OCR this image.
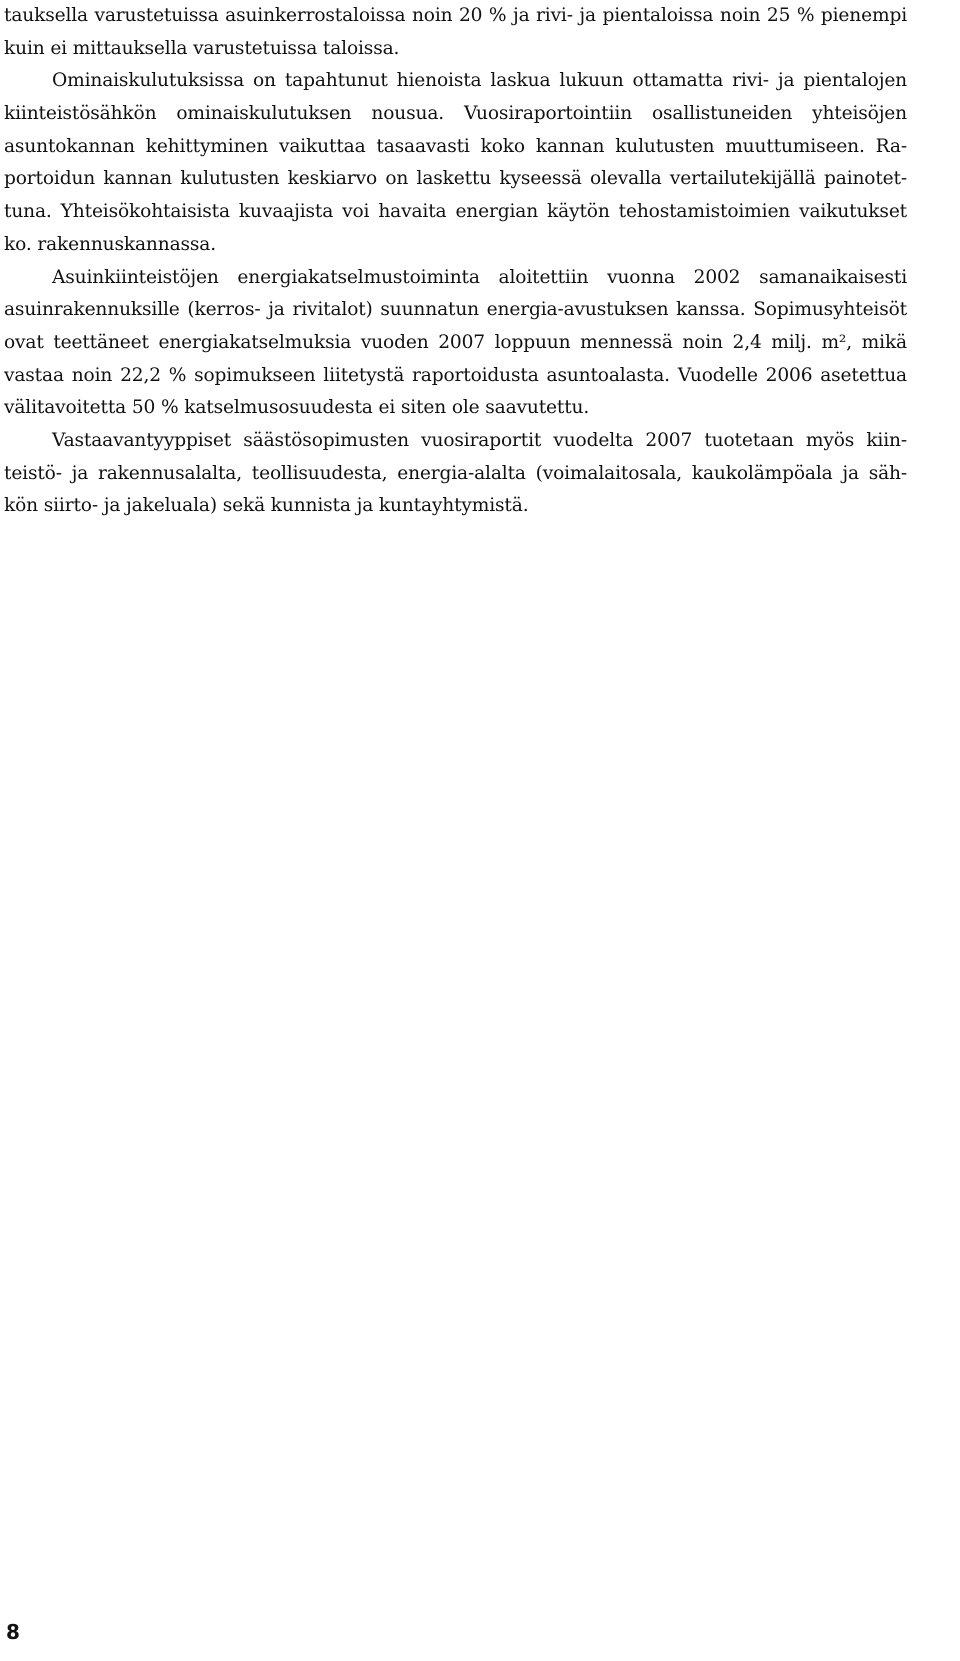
tauksella varustetuissa asuinkerrostaloissa noin 20 % ja rivi- ja pientaloissa noin 25 % pienempi
kuin ei mittauksella varustetuissa taloissa.
Ominaiskulutuksissa on tapahtunut hienoista laskua lukuun ottamatta rivi- ja pientalojen
kiinteistösähkön ominaiskulutuksen nousua. Vuosiraportointiin osallistuneiden yhteisöjen
asuntokannan kehittyminen vaikuttaa tasaavasti koko kannan kulutusten muuttumiseen. Ra-
portoidun kannan kulutusten keskiarvo on laskettu kyseessä olevalla vertailutekijällä painotet-
tuna. Yhteisökohtaisista kuvaajista voi havaita energian käytön tehostamistoimien vaikutukset
ko. rakennuskannassa.
Asuinkiinteistöjen energiakatselmustoiminta aloitettiin vuonna 2002 samanaikaisesti
asuinrakennuksille (kerros- ja rivitalot) suunnatun energia-avustuksen kanssa. Sopimusyhteisöt
ovat teettäneet energiakatselmuksia vuoden 2007 loppuun mennessä noin 2,4 milj. m², mikä
vastaa noin 22,2 % sopimukseen liitetystä raportoidusta asuntoalasta. Vuodelle 2006 asetettua
välitavoitetta 50 % katselmusosuudesta ei siten ole saavutettu.
Vastaavantyyppiset säästösopimusten vuosiraportit vuodelta 2007 tuotetaan myös kiin-
teistö- ja rakennusalalta, teollisuudesta, energia-alalta (voimalaitosala, kaukolämpöala ja säh-
kön siirto- ja jakeluala) sekä kunnista ja kuntayhtymistä.
8
